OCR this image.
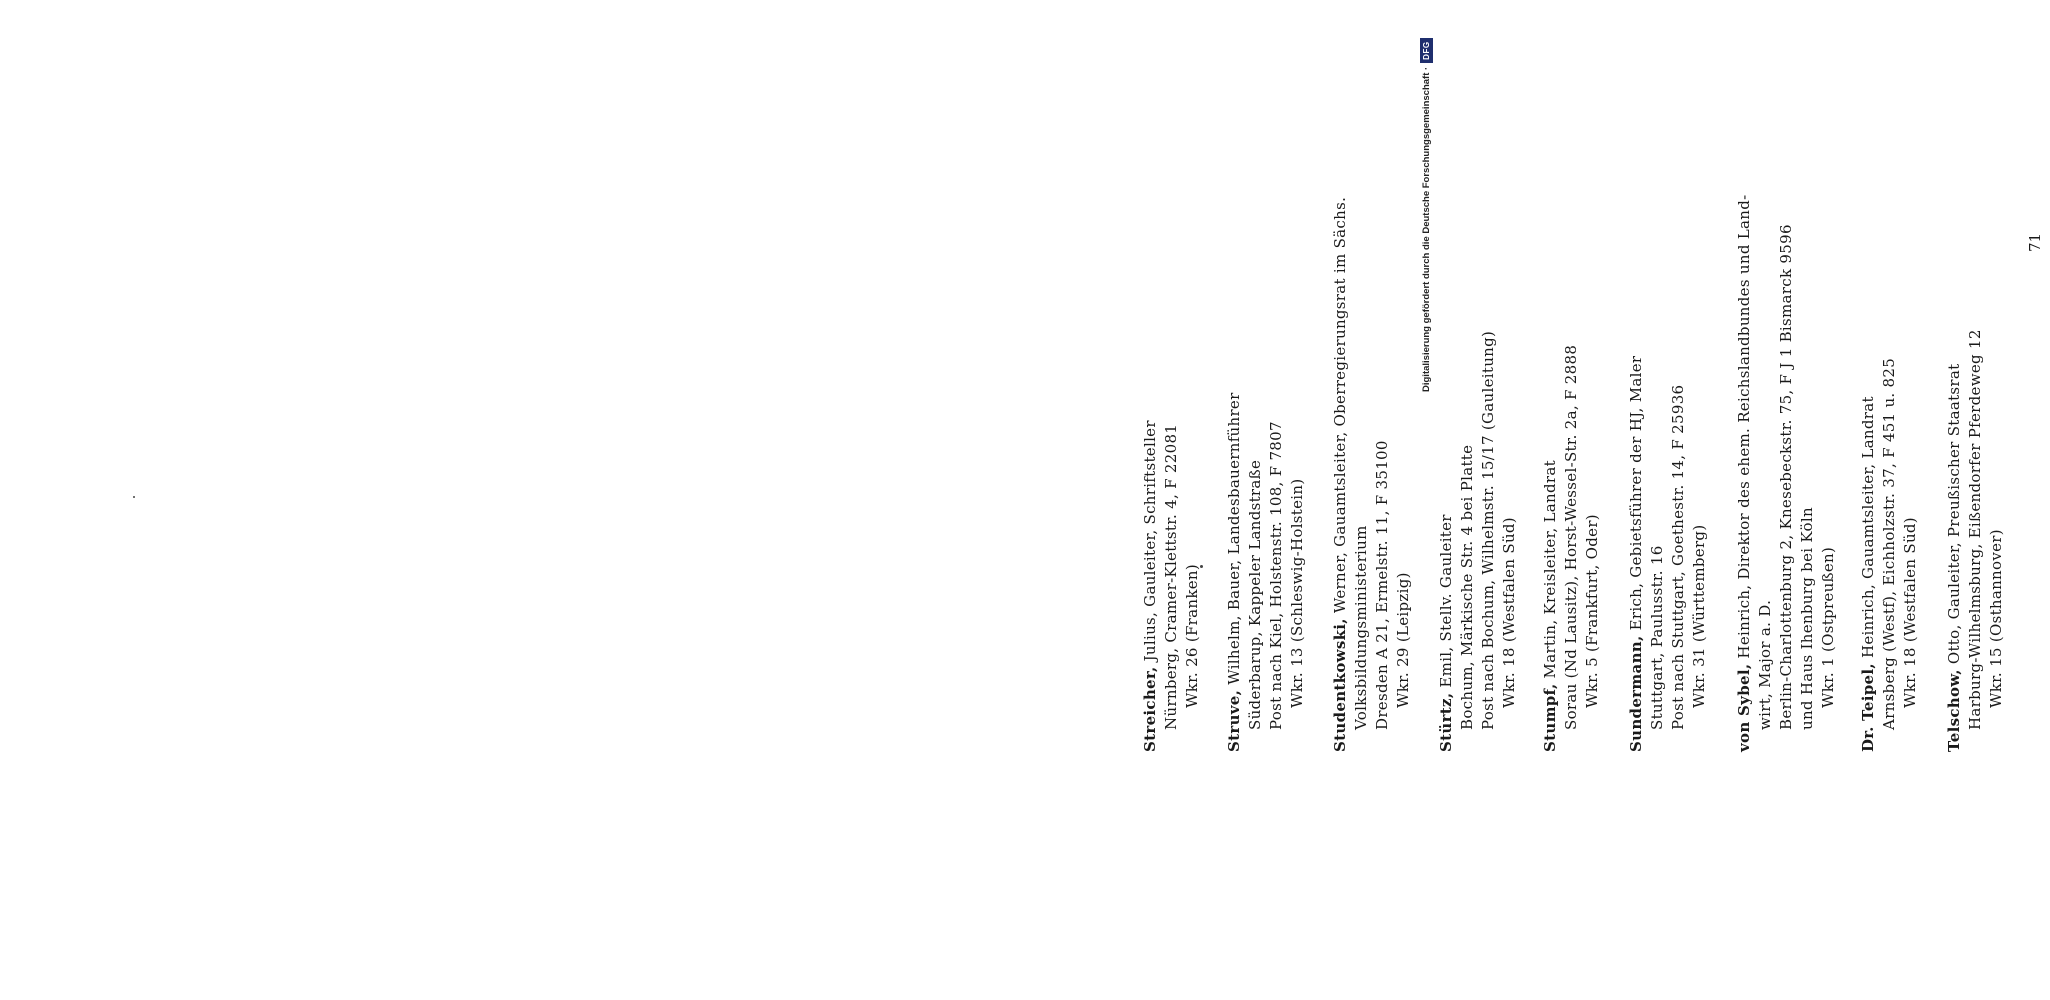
Streicher, Julius, Gauleiter, Schriftsteller Nürnberg, Cramer-Klettstr. 4, F 22081 Wkr. 26 (Franken)
Struve, Wilhelm, Bauer, Landesbauernführer Süderbarup, Kappeler Landstraße Post nach Kiel, Holstenstr. 108, F 7807 Wkr. 13 (Schleswig-Holstein) Studentkowski, Werner, Gauamtsleiter, Oberregierungsrat im Sächs.
Volksbildungsministerium Dresden A 21, Ermelstr. 11, F 35100 Wkr. 29 (Leipzig)
Stürtz, Emil, Stellv. Gauleiter Bochum, Märkische Str. 4 bei Platte Post nach Bochum, Wilhelmstr. 15/17 (Gauleitung) Wkr. 18 (Westfalen Süd)
Stumpf, Martin, Kreisleiter, Landrat Sorau (Nd Lausitz), Horst-Wessel-Str. 2a, F 2888 Wkr. 5 (Frankfurt, Oder) Sundermann, Erich, Gebietsführer der HJ, Maler
Stuttgart, Paulusstr. 16 Post nach Stuttgart, Goethestr. 14, F 25936 Wkr. 31 (Württemberg) von Sybel, Heinrich, Direktor des ehem. Reichslandbundes und Land-
wirt, Major a. D. Berlin-Charlottenburg 2, Knesebeckstr. 75, F J 1 Bismarck 9596 und Haus Ihenburg bei Köln Wkr. 1 (Ostpreußen) Dr. Teipel, Heinrich, Gauamtsleiter, Landrat Arnsberg (Westf), Eichholzstr. 37, F 451 u. 825 Wkr. 18 (Westfalen Süd)
Telschow, Otto, Gauleiter, Preußischer Staatsrat Harburg-Wilhelmsburg, Eißendorfer Pferdeweg 12 Wkr. 15 (Osthannover)
71
Digitalisierung gefördert durch die Deutsche Forschungsgemeinschaft ·
DFG
